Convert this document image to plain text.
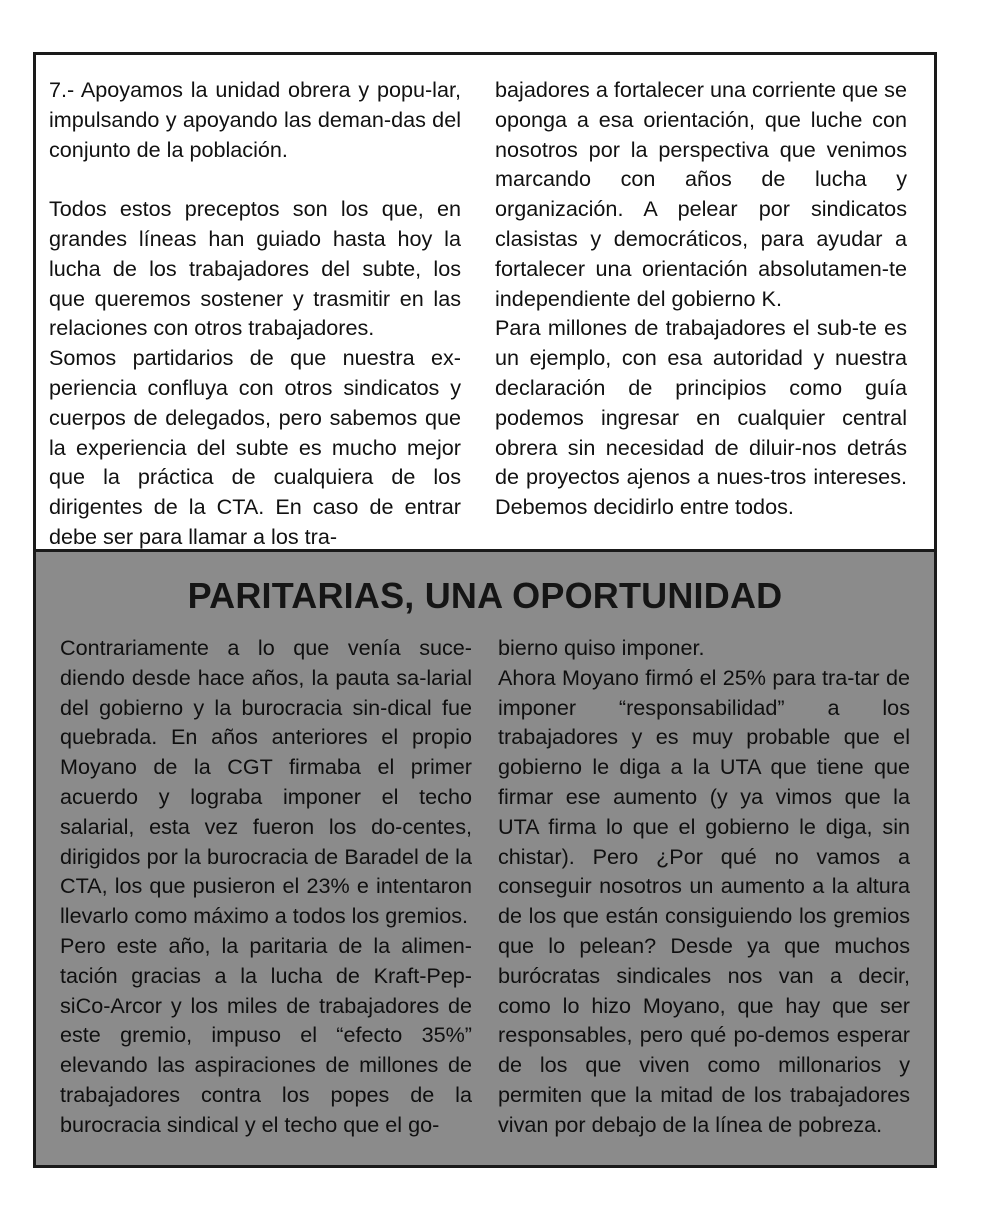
7.- Apoyamos la unidad obrera y popu-lar, impulsando y apoyando las deman-das del conjunto de la población.

Todos estos preceptos son los que, en grandes líneas han guiado hasta hoy la lucha de los trabajadores del subte, los que queremos sostener y trasmitir en las relaciones con otros trabajadores.

Somos partidarios de que nuestra ex-periencia confluya con otros sindicatos y cuerpos de delegados, pero sabemos que la experiencia del subte es mucho mejor que la práctica de cualquiera de los dirigentes de la CTA. En caso de entrar debe ser para llamar a los tra-

bajadores a fortalecer una corriente que se oponga a esa orientación, que luche con nosotros por la perspectiva que venimos marcando con años de lucha y organización. A pelear por sindicatos clasistas y democráticos, para ayudar a fortalecer una orientación absolutamen-te independiente del gobierno K.

Para millones de trabajadores el sub-te es un ejemplo, con esa autoridad y nuestra declaración de principios como guía podemos ingresar en cualquier central obrera sin necesidad de diluir-nos detrás de proyectos ajenos a nues-tros intereses. Debemos decidirlo entre todos.

PARITARIAS, UNA OPORTUNIDAD

Contrariamente a lo que venía suce-diendo desde hace años, la pauta sa-larial del gobierno y la burocracia sin-dical fue quebrada. En años anteriores el propio Moyano de la CGT firmaba el primer acuerdo y lograba imponer el techo salarial, esta vez fueron los do-centes, dirigidos por la burocracia de Baradel de la CTA, los que pusieron el 23% e intentaron llevarlo como máximo a todos los gremios.

Pero este año, la paritaria de la alimen-tación gracias a la lucha de Kraft-Pep-siCo-Arcor y los miles de trabajadores de este gremio, impuso el “efecto 35%” elevando las aspiraciones de millones de trabajadores contra los popes de la burocracia sindical y el techo que el go-

bierno quiso imponer.

Ahora Moyano firmó el 25% para tra-tar de imponer “responsabilidad” a los trabajadores y es muy probable que el gobierno le diga a la UTA que tiene que firmar ese aumento (y ya vimos que la UTA firma lo que el gobierno le diga, sin chistar). Pero ¿Por qué no vamos a conseguir nosotros un aumento a la altura de los que están consiguiendo los gremios que lo pelean? Desde ya que muchos burócratas sindicales nos van a decir, como lo hizo Moyano, que hay que ser responsables, pero qué po-demos esperar de los que viven como millonarios y permiten que la mitad de los trabajadores vivan por debajo de la línea de pobreza.
